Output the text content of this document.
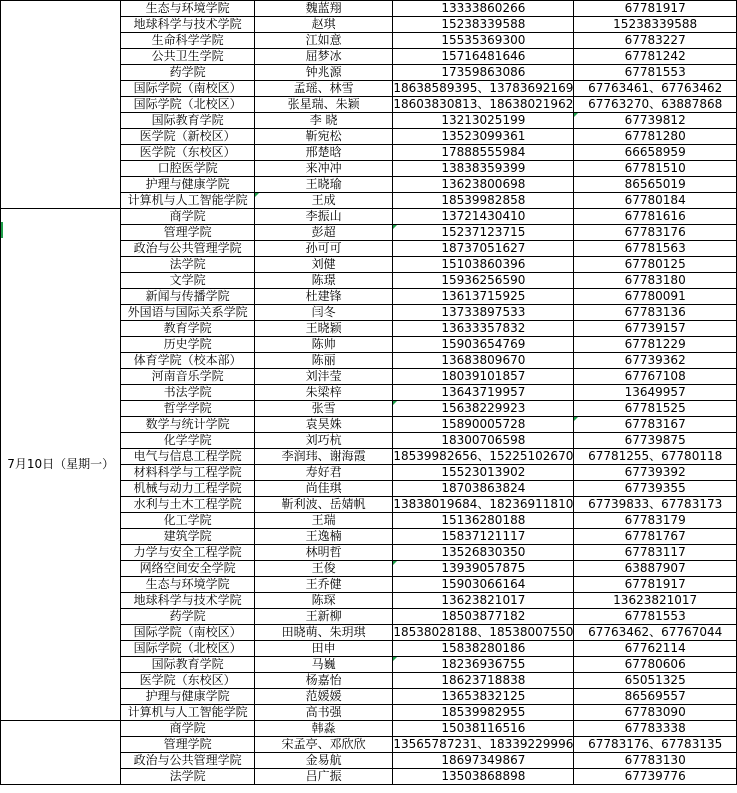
	生态与环境学院	魏蓝翔	13333860266	67781917
	地球科学与技术学院	赵琪	15238339588	15238339588
	生命科学学院	江如意	15535369300	67783227
	公共卫生学院	屈梦冰	15716481646	67781242
	药学院	钟兆源	17359863086	67781553
	国际学院（南校区）	孟瑶、林雪	18638589395、13783692169	67763461、67763462
	国际学院（北校区）	张星瑞、朱颖	18603830813、18638021962	67763270、63887868
	国际教育学院	李 晓	13213025199	67739812
	医学院（新校区）	靳宛松	13523099361	67781280
	医学院（东校区）	邢楚晗	17888555984	66658959
	口腔医学院	来冲冲	13838359399	67781510
	护理与健康学院	王晓瑜	13623800698	86565019
	计算机与人工智能学院	王成	18539982858	67780184
7月10日（星期一）	商学院	李振山	13721430410	67781616
	管理学院	彭超	15237123715	67783176
	政治与公共管理学院	孙可可	18737051627	67781563
	法学院	刘健	15103860396	67780125
	文学院	陈璟	15936256590	67783180
	新闻与传播学院	杜建锋	13613715925	67780091
	外国语与国际关系学院	闫冬	13733897533	67783136
	教育学院	王晓颖	13633357832	67739157
	历史学院	陈帅	15903654769	67781229
	体育学院（校本部）	陈丽	13683809670	67739362
	河南音乐学院	刘沣莹	18039101857	67767108
	书法学院	朱梁梓	13643719957	13649957
	哲学学院	张雪	15638229923	67781525
	数学与统计学院	袁昊姝	15890005728	67783167
	化学学院	刘巧杭	18300706598	67739875
	电气与信息工程学院	李润玮、谢海霞	18539982656、15225102670	67781255、67780118
	材料科学与工程学院	寿好君	15523013902	67739392
	机械与动力工程学院	尚佳琪	18703863824	67739355
	水利与土木工程学院	靳利波、岳婧帆	13838019684、18236911810	67739833、67783173
	化工学院	王瑞	15136280188	67783179
	建筑学院	王逸楠	15837121117	67781767
	力学与安全工程学院	林明哲	13526830350	67783117
	网络空间安全学院	王俊	13939057875	63887907
	生态与环境学院	王乔健	15903066164	67781917
	地球科学与技术学院	陈琛	13623821017	13623821017
	药学院	王新柳	18503877182	67781553
	国际学院（南校区）	田晓萌、朱玥琪	18538028188、18538007550	67763462、67767044
	国际学院（北校区）	田申	15838280186	67762114
	国际教育学院	马巍	18236936755	67780606
	医学院（东校区）	杨嘉怡	18623718838	65051325
	护理与健康学院	范媛媛	13653832125	86569557
	计算机与人工智能学院	高书强	18539982955	67783090
	商学院	韩淼	15038116516	67783338
	管理学院	宋孟亭、邓欣欣	13565787231、18339229996	67783176、67783135
	政治与公共管理学院	金易航	18697349867	67783130
	法学院	吕广振	13503868898	67739776
